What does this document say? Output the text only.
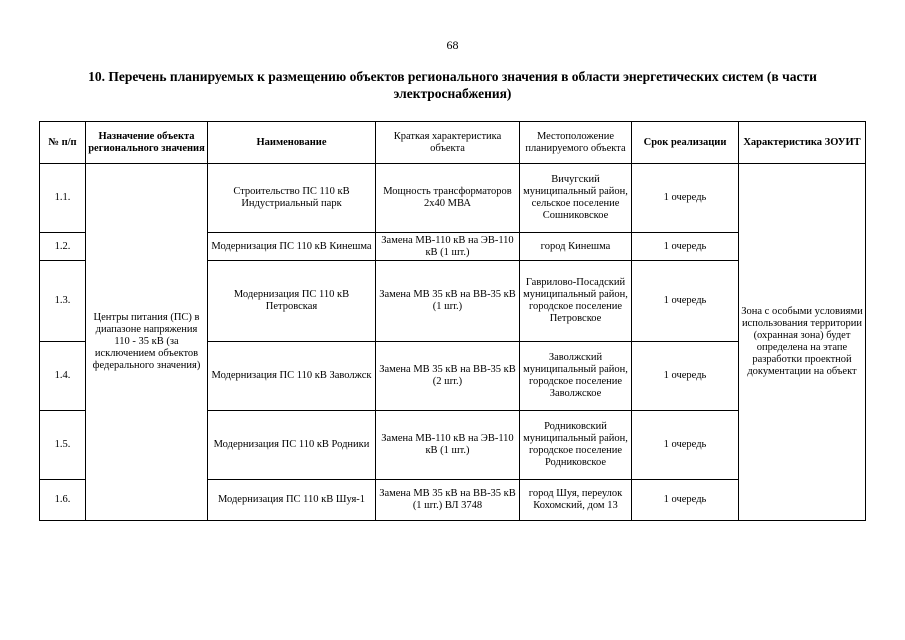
68
10. Перечень планируемых к размещению объектов регионального значения в области энергетических систем (в части электроснабжения)
№ п/п	Назначение объекта регионального значения	Наименование	Краткая характеристика объекта	Местоположение планируемого объекта	Срок реализации	Характеристика ЗОУИТ
1.1.	Центры питания (ПС) в диапазоне напряжения 110 - 35 кВ (за исключением объектов федерального значения)	Строительство ПС 110 кВ Индустриальный парк	Мощность трансформаторов 2х40 МВА	Вичугский муниципальный район, сельское поселение Сошниковское	1 очередь	Зона с особыми условиями использования территории (охранная зона) будет определена на этапе разработки проектной документации на объект
1.2.		Модернизация ПС 110 кВ Кинешма	Замена МВ-110 кВ на ЭВ-110 кВ (1 шт.)	город Кинешма	1 очередь	
1.3.		Модернизация ПС 110 кВ Петровская	Замена МВ 35 кВ на ВВ-35 кВ (1 шт.)	Гаврилово-Посадский муниципальный район, городское поселение Петровское	1 очередь	
1.4.		Модернизация ПС 110 кВ Заволжск	Замена МВ 35 кВ на ВВ-35 кВ (2 шт.)	Заволжский муниципальный район, городское поселение Заволжское	1 очередь	
1.5.		Модернизация ПС 110 кВ Родники	Замена МВ-110 кВ на ЭВ-110 кВ (1 шт.)	Родниковский муниципальный район, городское поселение Родниковское	1 очередь	
1.6.		Модернизация ПС 110 кВ Шуя-1	Замена МВ 35 кВ на ВВ-35 кВ (1 шт.) ВЛ 3748	город Шуя, переулок Кохомский, дом 13	1 очередь	
